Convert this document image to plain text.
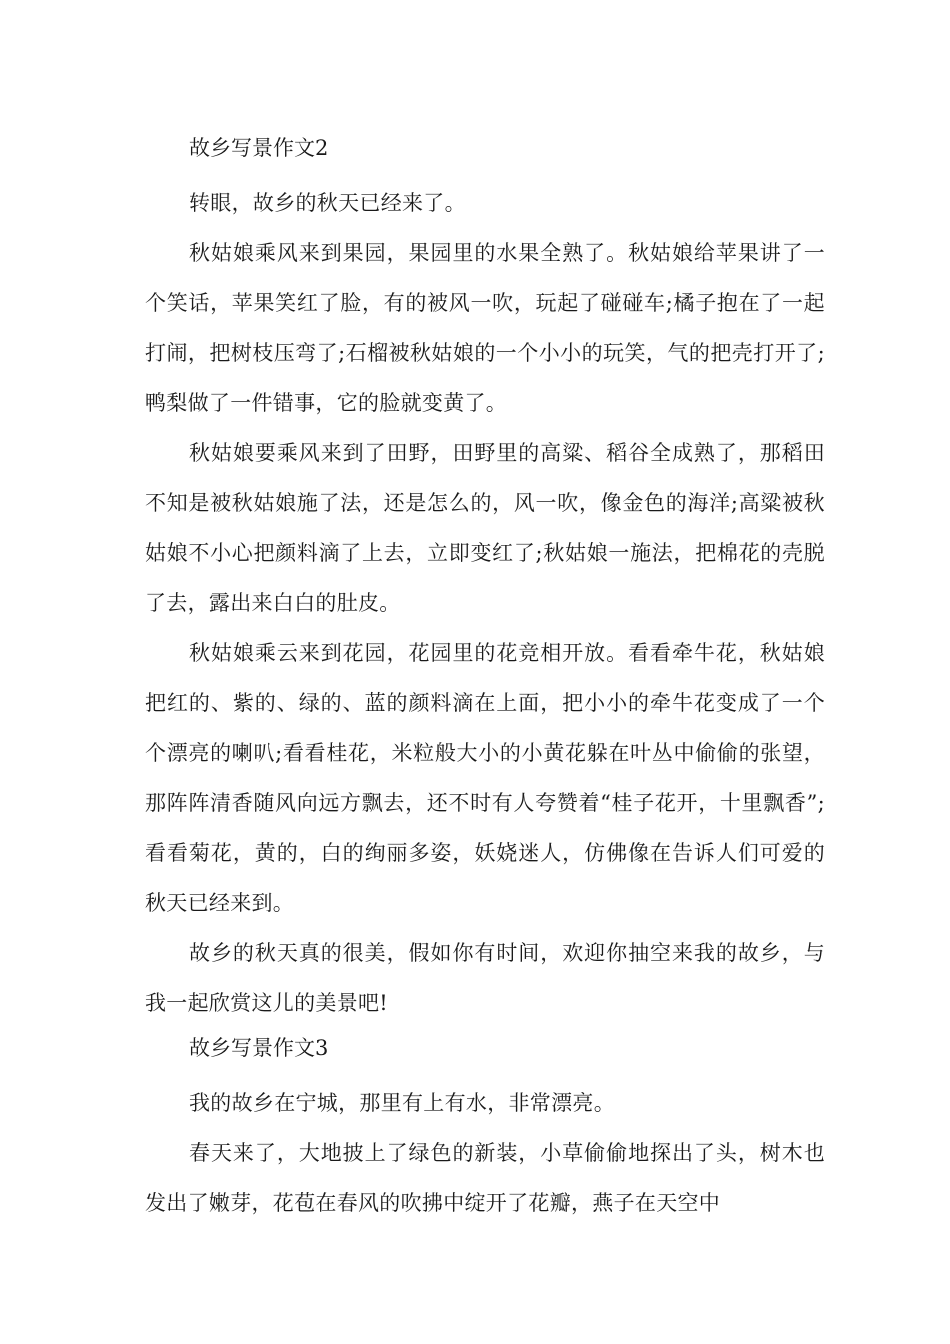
故乡写景作文2

转眼，故乡的秋天已经来了。

秋姑娘乘风来到果园，果园里的水果全熟了。秋姑娘给苹果讲了一个笑话，苹果笑红了脸，有的被风一吹，玩起了碰碰车;橘子抱在了一起打闹，把树枝压弯了;石榴被秋姑娘的一个小小的玩笑，气的把壳打开了;鸭梨做了一件错事，它的脸就变黄了。

秋姑娘要乘风来到了田野，田野里的高粱、稻谷全成熟了，那稻田不知是被秋姑娘施了法，还是怎么的，风一吹，像金色的海洋;高粱被秋姑娘不小心把颜料滴了上去，立即变红了;秋姑娘一施法，把棉花的壳脱了去，露出来白白的肚皮。

秋姑娘乘云来到花园，花园里的花竞相开放。看看牵牛花，秋姑娘把红的、紫的、绿的、蓝的颜料滴在上面，把小小的牵牛花变成了一个个漂亮的喇叭;看看桂花，米粒般大小的小黄花躲在叶丛中偷偷的张望，那阵阵清香随风向远方飘去，还不时有人夸赞着“桂子花开，十里飘香”;看看菊花，黄的，白的绚丽多姿，妖娆迷人，仿佛像在告诉人们可爱的秋天已经来到。

故乡的秋天真的很美，假如你有时间，欢迎你抽空来我的故乡，与我一起欣赏这儿的美景吧!

故乡写景作文3

我的故乡在宁城，那里有上有水，非常漂亮。

春天来了，大地披上了绿色的新装，小草偷偷地探出了头，树木也发出了嫩芽，花苞在春风的吹拂中绽开了花瓣，燕子在天空中
